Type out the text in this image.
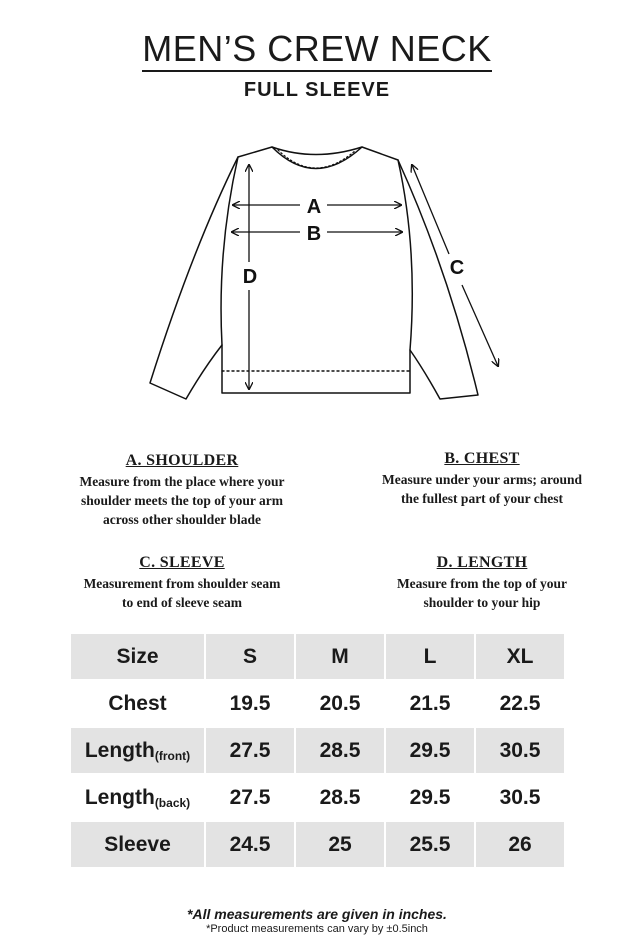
MEN’S CREW NECK
FULL SLEEVE
A
B
C
D
A. SHOULDER

Measure from the place where your
shoulder meets the top of your arm
across other shoulder blade

B. CHEST

Measure under your arms; around
the fullest part of your chest

C. SLEEVE

Measurement from shoulder seam
to end of sleeve seam

D. LENGTH

Measure from the top of your
shoulder to your hip

Size	S	M	L	XL
Chest	19.5	20.5	21.5	22.5
Length$_{(front)}$	27.5	28.5	29.5	30.5
Length$_{(back)}$	27.5	28.5	29.5	30.5
Sleeve	24.5	25	25.5	26
*All measurements are given in inches.
*Product measurements can vary by ±0.5inch
